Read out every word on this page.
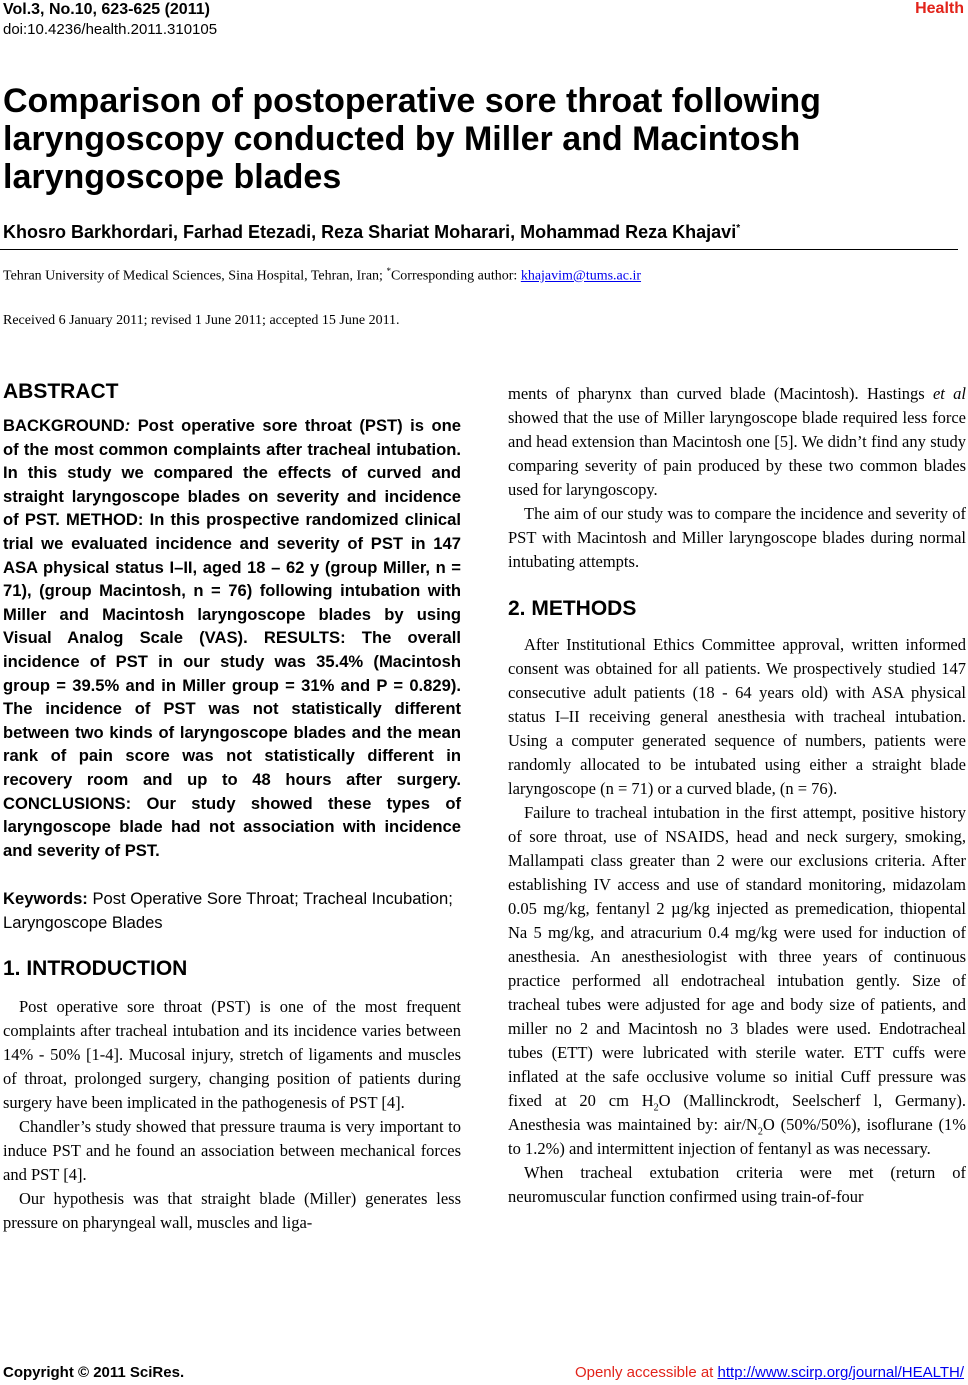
Vol.3, No.10, 623-625 (2011)
doi:10.4236/health.2011.310105
Health
Comparison of postoperative sore throat following laryngoscopy conducted by Miller and Macintosh laryngoscope blades
Khosro Barkhordari, Farhad Etezadi, Reza Shariat Moharari, Mohammad Reza Khajavi*
Tehran University of Medical Sciences, Sina Hospital, Tehran, Iran; *Corresponding author: khajavim@tums.ac.ir
Received 6 January 2011; revised 1 June 2011; accepted 15 June 2011.
ABSTRACT
BACKGROUND: Post operative sore throat (PST) is one of the most common complaints after tracheal intubation. In this study we compared the effects of curved and straight laryngoscope blades on severity and incidence of PST. METHOD: In this prospective randomized clinical trial we evaluated incidence and severity of PST in 147 ASA physical status I–II, aged 18 – 62 y (group Miller, n = 71), (group Macintosh, n = 76) following intubation with Miller and Macintosh laryngoscope blades by using Visual Analog Scale (VAS). RESULTS: The overall incidence of PST in our study was 35.4% (Macintosh group = 39.5% and in Miller group = 31% and P = 0.829). The incidence of PST was not statistically different between two kinds of laryngoscope blades and the mean rank of pain score was not statistically different in recovery room and up to 48 hours after surgery. CONCLUSIONS: Our study showed these types of laryngoscope blade had not association with incidence and severity of PST.
Keywords: Post Operative Sore Throat; Tracheal Incubation; Laryngoscope Blades
1. INTRODUCTION

Post operative sore throat (PST) is one of the most frequent complaints after tracheal intubation and its incidence varies between 14% - 50% [1-4]. Mucosal injury, stretch of ligaments and muscles of throat, prolonged surgery, changing position of patients during surgery have been implicated in the pathogenesis of PST [4].

Chandler’s study showed that pressure trauma is very important to induce PST and he found an association between mechanical forces and PST [4].

Our hypothesis was that straight blade (Miller) generates less pressure on pharyngeal wall, muscles and liga-

ments of pharynx than curved blade (Macintosh). Hastings et al showed that the use of Miller laryngoscope blade required less force and head extension than Macintosh one [5]. We didn’t find any study comparing severity of pain produced by these two common blades used for laryngoscopy.

The aim of our study was to compare the incidence and severity of PST with Macintosh and Miller laryngoscope blades during normal intubating attempts.

2. METHODS

After Institutional Ethics Committee approval, written informed consent was obtained for all patients. We prospectively studied 147 consecutive adult patients (18 - 64 years old) with ASA physical status I–II receiving general anesthesia with tracheal intubation. Using a computer generated sequence of numbers, patients were randomly allocated to be intubated using either a straight blade laryngoscope (n = 71) or a curved blade, (n = 76).

Failure to tracheal intubation in the first attempt, positive history of sore throat, use of NSAIDS, head and neck surgery, smoking, Mallampati class greater than 2 were our exclusions criteria. After establishing IV access and use of standard monitoring, midazolam 0.05 mg/kg, fentanyl 2 µg/kg injected as premedication, thiopental Na 5 mg/kg, and atracurium 0.4 mg/kg were used for induction of anesthesia. An anesthesiologist with three years of continuous practice performed all endotracheal intubation gently. Size of tracheal tubes were adjusted for age and body size of patients, and miller no 2 and Macintosh no 3 blades were used. Endotracheal tubes (ETT) were lubricated with sterile water. ETT cuffs were inflated at the safe occlusive volume so initial Cuff pressure was fixed at 20 cm $H_2O$ (Mallinckrodt, Seelscherf l, Germany). Anesthesia was maintained by: air/$N_2O$ (50%/50%), isoflurane (1% to 1.2%) and intermittent injection of fentanyl as was necessary.

When tracheal extubation criteria were met (return of neuromuscular function confirmed using train-of-four

Copyright © 2011 SciRes.	Openly accessible at http://www.scirp.org/journal/HEALTH/
